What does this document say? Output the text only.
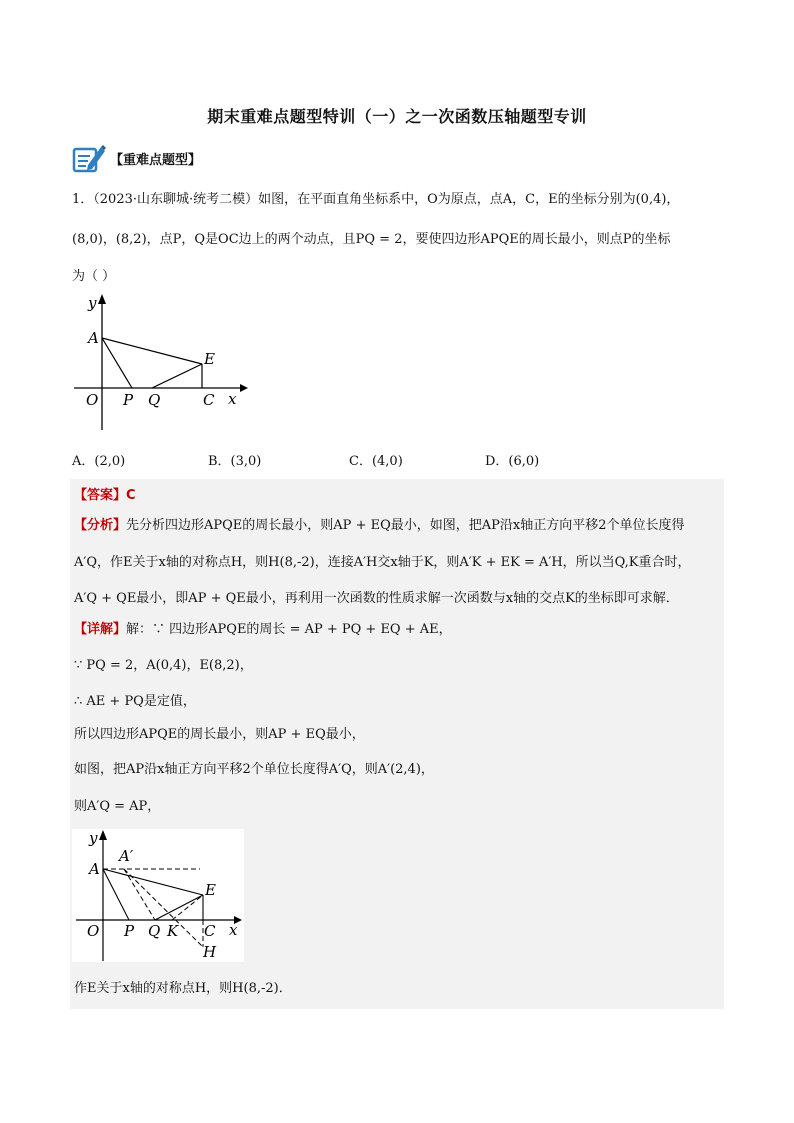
期末重难点题型特训（一）之一次函数压轴题型专训
【重难点题型】
1．（2023·山东聊城·统考二模）如图，在平面直角坐标系中，O为原点，点A，C，E的坐标分别为(0,4)，
(8,0)，(8,2)，点P，Q是OC边上的两个动点，且PQ = 2，要使四边形APQE的周长最小，则点P的坐标
为（ ）
y
x
A
E
O P Q	C
A．(2,0)	B．(3,0)	C．(4,0)	D．(6,0)
【答案】C
【分析】先分析四边形APQE的周长最小，则AP + EQ最小，如图，把AP沿x轴正方向平移2个单位长度得
A′Q，作E关于x轴的对称点H，则H(8,-2)，连接A′H交x轴于K，则A′K + EK = A′H，所以当Q,K重合时，
A′Q + QE最小，即AP + QE最小，再利用一次函数的性质求解一次函数与x轴的交点K的坐标即可求解．
【详解】解：∵ 四边形APQE的周长 = AP + PQ + EQ + AE，
∵ PQ = 2，A(0,4)，E(8,2)，
∴ AE + PQ是定值，
所以四边形APQE的周长最小，则AP + EQ最小，
如图，把AP沿x轴正方向平移2个单位长度得A′Q，则A′(2,4)，
则A′Q = AP，
y
x
A
A′
E
O P Q K C
H
作E关于x轴的对称点H，则H(8,-2)．
